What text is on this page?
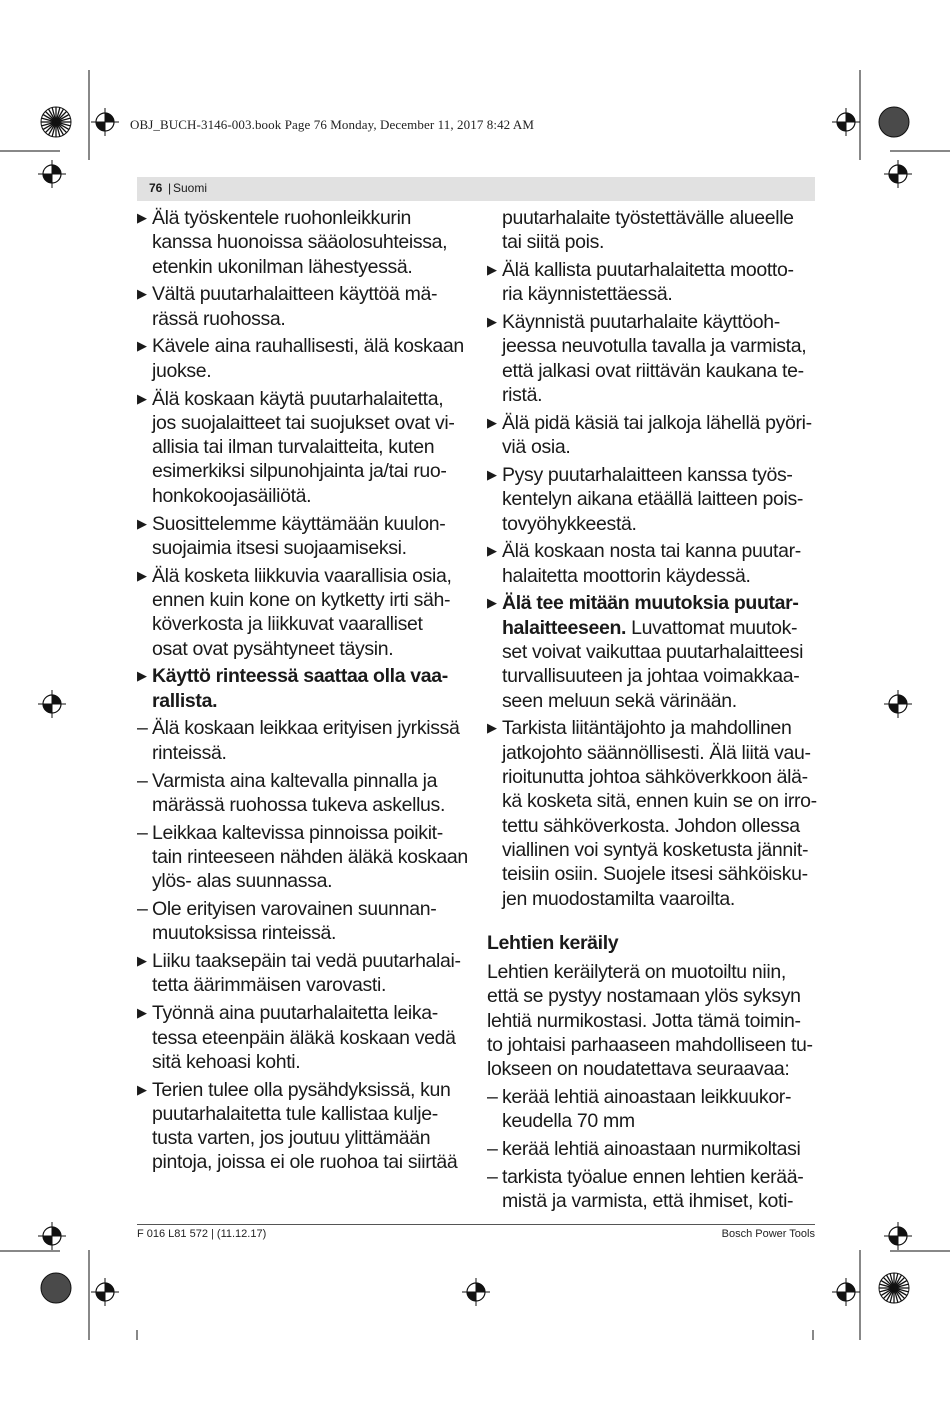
OBJ_BUCH-3146-003.book Page 76 Monday, December 11, 2017 8:42 AM
76 | Suomi
▶ Älä työskentele ruohonleikkurin
kanssa huonoissa sääolosuhteissa,
etenkin ukonilman lähestyessä.
▶ Vältä puutarhalaitteen käyttöä mä-
rässä ruohossa.
▶ Kävele aina rauhallisesti, älä koskaan
juokse.
▶ Älä koskaan käytä puutarhalaitetta,
jos suojalaitteet tai suojukset ovat vi-
allisia tai ilman turvalaitteita, kuten
esimerkiksi silpunohjainta ja/tai ruo-
honkokoojasäiliötä.
▶ Suosittelemme käyttämään kuulon-
suojaimia itsesi suojaamiseksi.
▶ Älä kosketa liikkuvia vaarallisia osia,
ennen kuin kone on kytketty irti säh-
köverkosta ja liikkuvat vaaralliset
osat ovat pysähtyneet täysin.
▶ Käyttö rinteessä saattaa olla vaa-
rallista.
– Älä koskaan leikkaa erityisen jyrkissä
rinteissä.
– Varmista aina kaltevalla pinnalla ja
märässä ruohossa tukeva askellus.
– Leikkaa kaltevissa pinnoissa poikit-
tain rinteeseen nähden äläkä koskaan
ylös- alas suunnassa.
– Ole erityisen varovainen suunnan-
muutoksissa rinteissä.
▶ Liiku taaksepäin tai vedä puutarhalai-
tetta äärimmäisen varovasti.
▶ Työnnä aina puutarhalaitetta leika-
tessa eteenpäin äläkä koskaan vedä
sitä kehoasi kohti.
▶ Terien tulee olla pysähdyksissä, kun
puutarhalaitetta tule kallistaa kulje-
tusta varten, jos joutuu ylittämään
pintoja, joissa ei ole ruohoa tai siirtää
puutarhalaite työstettävälle alueelle
tai siitä pois.
▶ Älä kallista puutarhalaitetta mootto-
ria käynnistettäessä.
▶ Käynnistä puutarhalaite käyttöoh-
jeessa neuvotulla tavalla ja varmista,
että jalkasi ovat riittävän kaukana te-
ristä.
▶ Älä pidä käsiä tai jalkoja lähellä pyöri-
viä osia.
▶ Pysy puutarhalaitteen kanssa työs-
kentelyn aikana etäällä laitteen pois-
tovyöhykkeestä.
▶ Älä koskaan nosta tai kanna puutar-
halaitetta moottorin käydessä.
▶ Älä tee mitään muutoksia puutar-
halaitteeseen. Luvattomat muutok-
set voivat vaikuttaa puutarhalaitteesi
turvallisuuteen ja johtaa voimakkaa-
seen meluun sekä värinään.
▶ Tarkista liitäntäjohto ja mahdollinen
jatkojohto säännöllisesti. Älä liitä vau-
rioitunutta johtoa sähköverkkoon älä-
kä kosketa sitä, ennen kuin se on irro-
tettu sähköverkosta. Johdon ollessa
viallinen voi syntyä kosketusta jännit-
teisiin osiin. Suojele itsesi sähköisku-
jen muodostamilta vaaroilta.
Lehtien keräily
Lehtien keräilyterä on muotoiltu niin,
että se pystyy nostamaan ylös syksyn
lehtiä nurmikostasi. Jotta tämä toimin-
to johtaisi parhaaseen mahdolliseen tu-
lokseen on noudatettava seuraavaa:
– kerää lehtiä ainoastaan leikkuukor-
keudella 70 mm
– kerää lehtiä ainoastaan nurmikoltasi
– tarkista työalue ennen lehtien kerää-
mistä ja varmista, että ihmiset, koti-
F 016 L81 572 | (11.12.17)	Bosch Power Tools
